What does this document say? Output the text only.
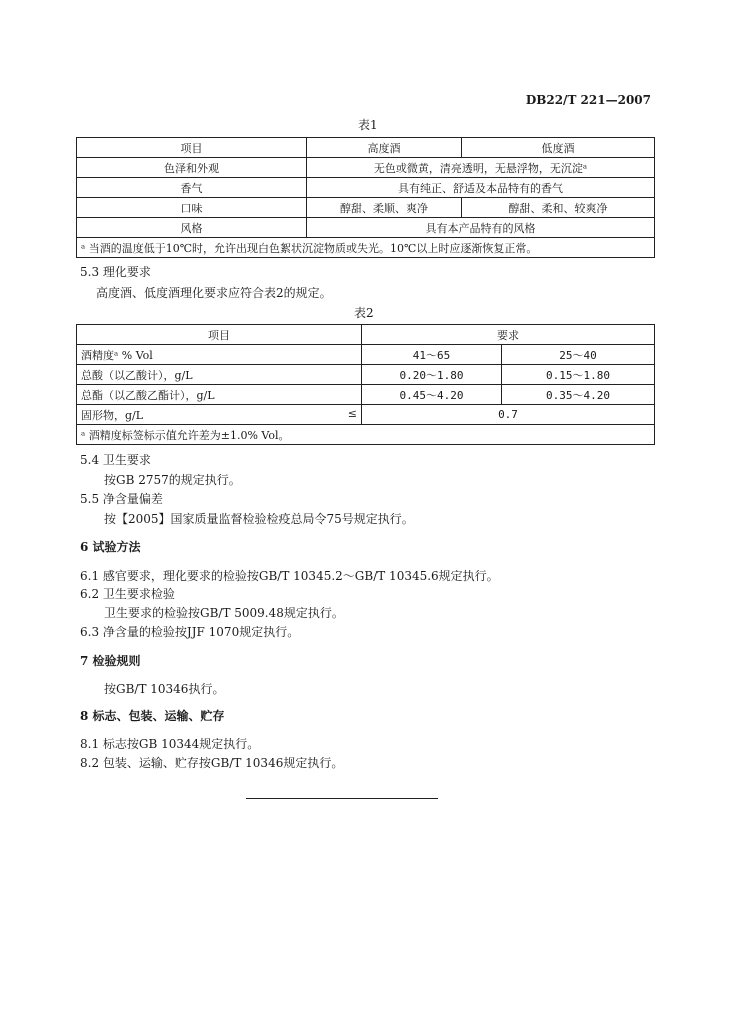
DB22/T 221—2007
表1
项目	高度酒	低度酒
色泽和外观	无色或微黄，清亮透明，无悬浮物，无沉淀ᵃ	
香气	具有纯正、舒适及本品特有的香气	
口味	醇甜、柔顺、爽净	醇甜、柔和、较爽净
风格	具有本产品特有的风格	
ᵃ 当酒的温度低于10℃时，允许出现白色絮状沉淀物质或失光。10℃以上时应逐渐恢复正常。		
5.3 理化要求
高度酒、低度酒理化要求应符合表2的规定。
表2
项目	要求	
酒精度ᵃ % Vol	41～65	25～40
总酸（以乙酸计），g/L	0.20～1.80	0.15～1.80
总酯（以乙酸乙酯计），g/L	0.45～4.20	0.35～4.20
固形物，g/L ≤	0.7	
ᵃ 酒精度标签标示值允许差为±1.0% Vol。		
5.4 卫生要求
按GB 2757的规定执行。
5.5 净含量偏差
按【2005】国家质量监督检验检疫总局令75号规定执行。
6 试验方法
6.1 感官要求，理化要求的检验按GB/T 10345.2～GB/T 10345.6规定执行。
6.2 卫生要求检验
卫生要求的检验按GB/T 5009.48规定执行。
6.3 净含量的检验按JJF 1070规定执行。
7 检验规则
按GB/T 10346执行。
8 标志、包装、运输、贮存
8.1 标志按GB 10344规定执行。
8.2 包装、运输、贮存按GB/T 10346规定执行。
